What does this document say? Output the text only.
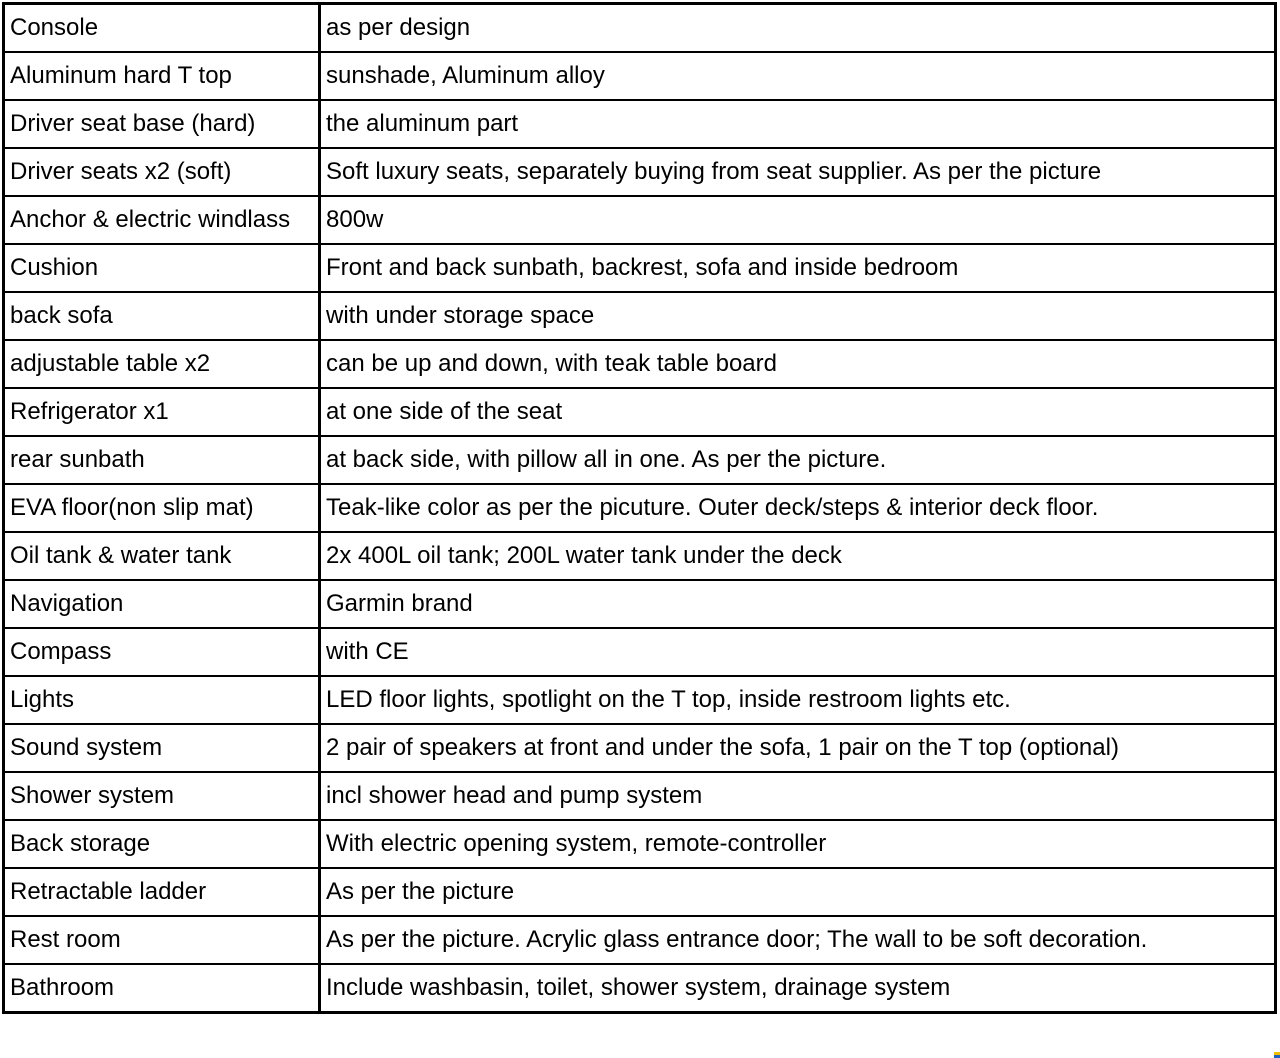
Console	as per design
Aluminum hard T top	sunshade, Aluminum alloy
Driver seat base (hard)	the aluminum part
Driver seats x2 (soft)	Soft luxury seats, separately buying from seat supplier. As per the picture
Anchor & electric windlass	800w
Cushion	Front and back sunbath, backrest, sofa and inside bedroom
back sofa	with under storage space
adjustable table x2	can be up and down, with teak table board
Refrigerator x1	at one side of the seat
rear sunbath	at back side, with pillow all in one. As per the picture.
EVA floor(non slip mat)	Teak-like color as per the picuture. Outer deck/steps & interior deck floor.
Oil tank & water tank	2x 400L oil tank; 200L water tank under the deck
Navigation	Garmin brand
Compass	with CE
Lights	LED floor lights, spotlight on the T top, inside restroom lights etc.
Sound system	2 pair of speakers at front and under the sofa, 1 pair on the T top (optional)
Shower system	incl shower head and pump system
Back storage	With electric opening system, remote-controller
Retractable ladder	As per the picture
Rest room	As per the picture. Acrylic glass entrance door; The wall to be soft decoration.
Bathroom	Include washbasin, toilet, shower system, drainage system
